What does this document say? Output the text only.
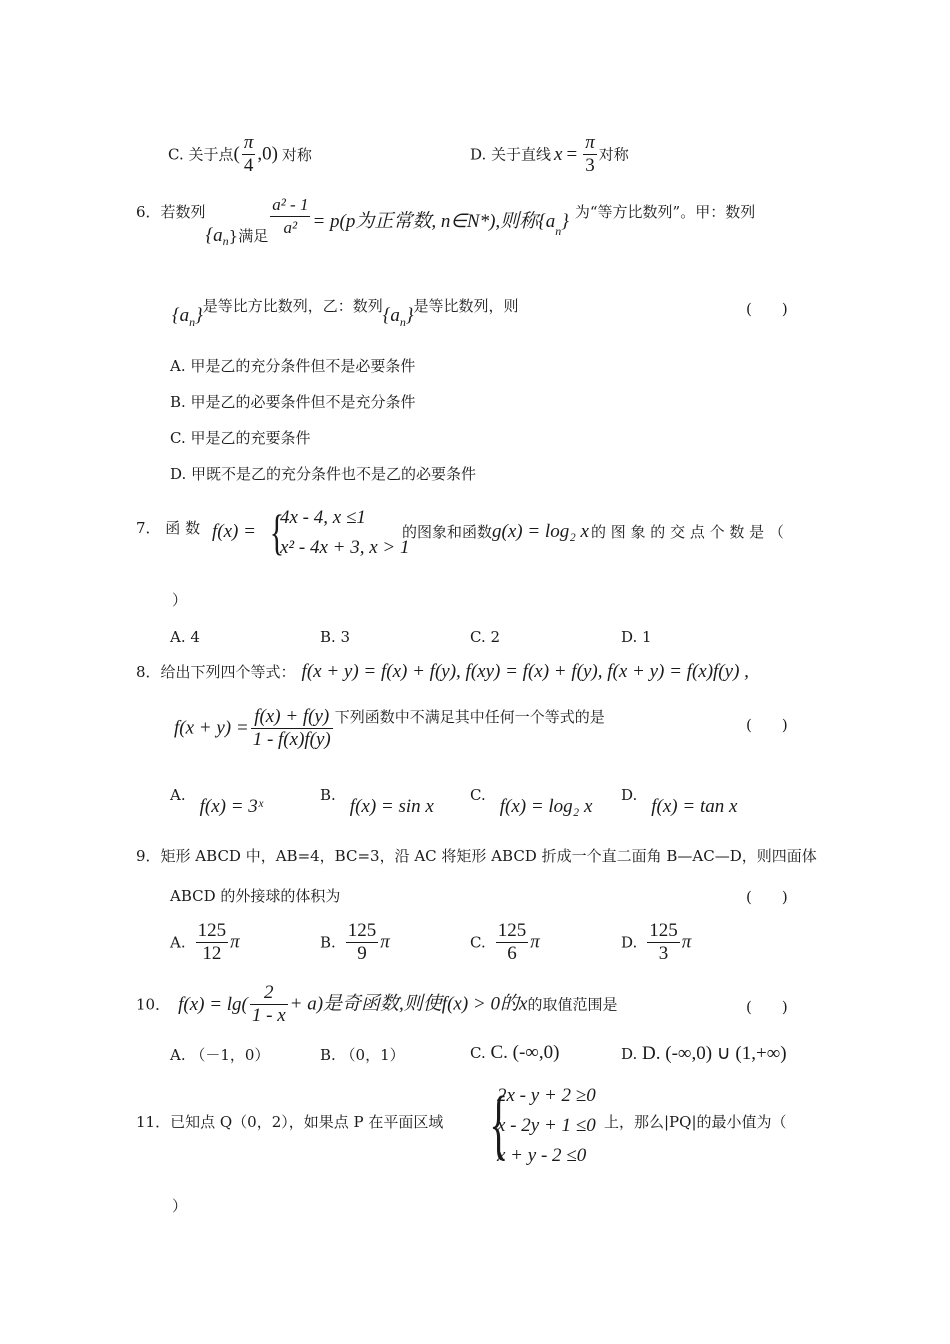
C. 关于点( $\frac{\pi}{4} ,0$) 对称	D. 关于直线 $x = \frac{\pi}{3}$ 对称
6．若数列$\{a_n\}$满足 $\frac{\text{a² - 1}}{\text{a²}} = p(p$为正常数, n∈N*),则称$\{a_n\}$ 为“等方比数列”。甲：数列
$\{a_n\}$是等比方比数列，乙：数列$\{a_n\}$是等比数列，则	(　　)
A. 甲是乙的充分条件但不是必要条件
B. 甲是乙的必要条件但不是充分条件
C. 甲是乙的充要条件
D. 甲既不是乙的充分条件也不是乙的必要条件
7． 函 数 f(x) = {
4x - 4, x ≤1
x² - 4x + 3, x > 1
的图象和函数g(x) = log₂ x 的 图 象 的 交 点 个 数 是 （
）
A. 4	B. 3	C. 2	D. 1
8．给出下列四个等式： f(x + y) = f(x) + f(y), f(xy) = f(x) + f(y), f(x + y) = f(x)f(y) ,
$f(x + y) = \frac{f(x) + f(y)}{1 - f(x)f(y)}$ 下列函数中不满足其中任何一个等式的是	(　　)
A.f(x) = 3ˣ
B.f(x) = sin x
C.f(x) = log₂ x
D.f(x) = tan x
9．矩形 ABCD 中，AB=4，BC=3，沿 AC 将矩形 ABCD 折成一个直二面角 B—AC—D，则四面体
ABCD 的外接球的体积为	(　　)
A. $\frac{125}{12}$ π	B. $\frac{125}{9}$ π	C. $\frac{125}{6}$ π	D. $\frac{125}{3}$ π
10． $f(x) = \lg( \frac{2}{1 - x} + a)$是奇函数,则使f(x) > 0的x的取值范围是	(　　)
A. （－1，0）	B. （0，1）	C. C. (-∞,0)	D. D. (-∞,0) ∪ (1,+∞)
11．已知点 Q（0，2），如果点 P 在平面区域 {
2x - y + 2 ≥0
x - 2y + 1 ≤0
x + y - 2 ≤0
上，那么|PQ|的最小值为（
）
